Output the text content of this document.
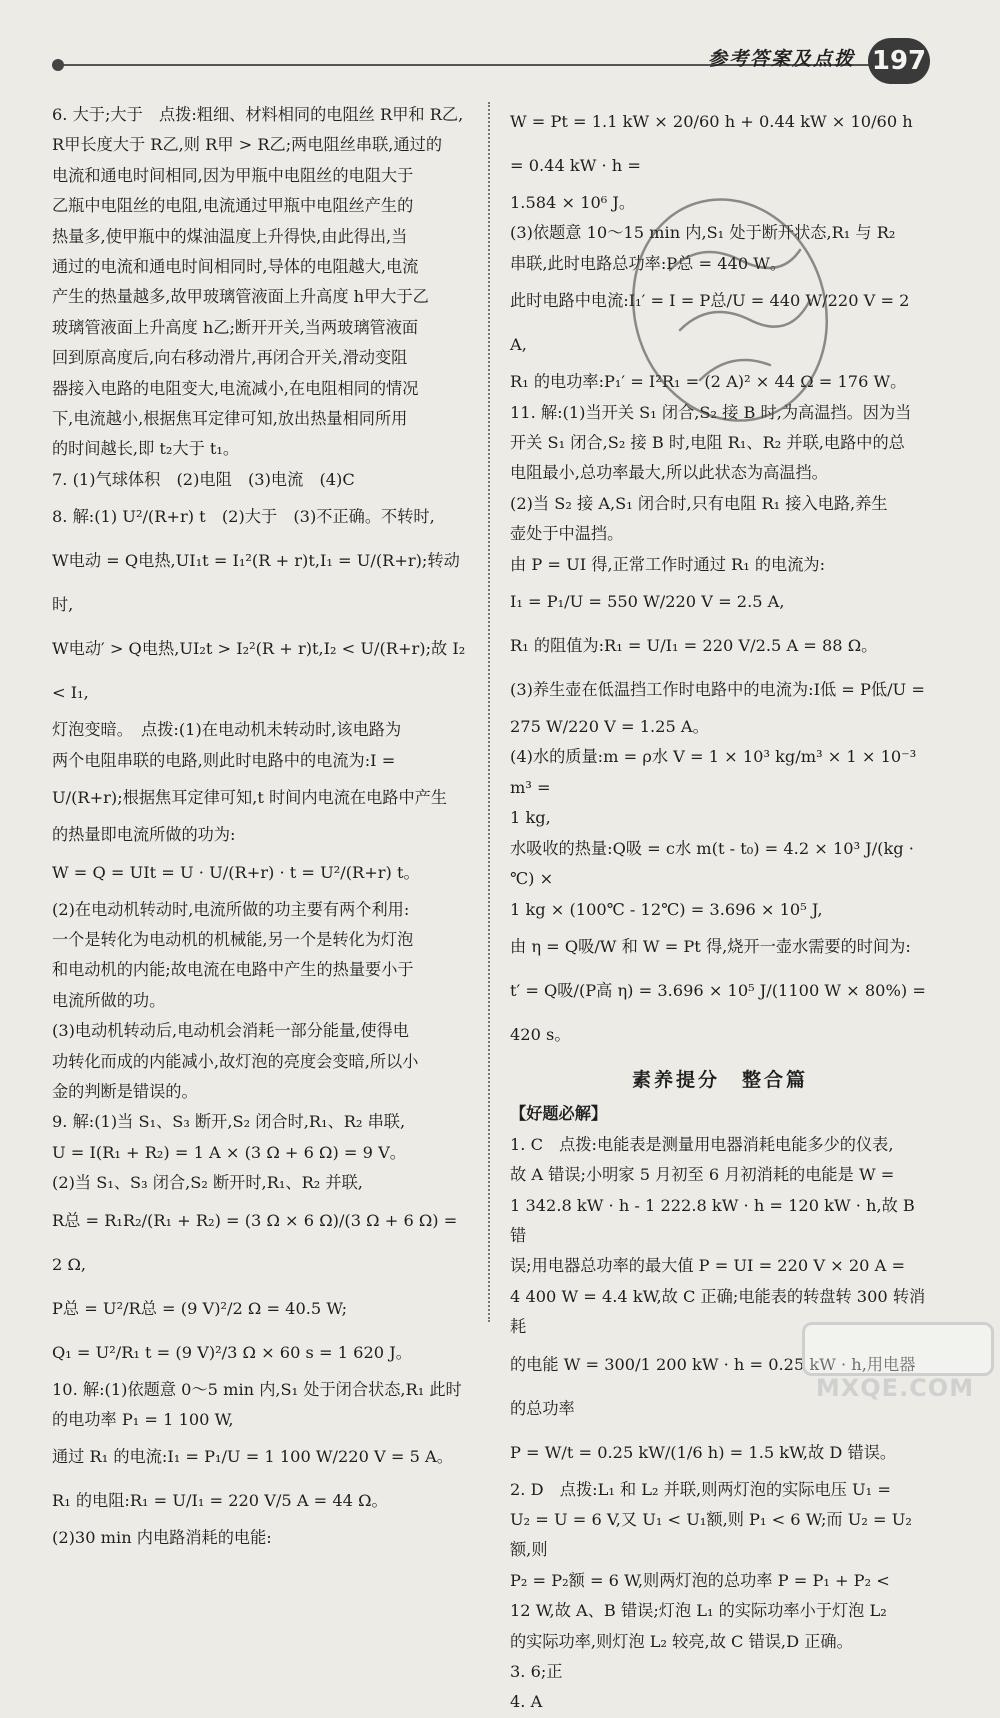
参考答案及点拨 197

6. 大于;大于　点拨:粗细、材料相同的电阻丝 R甲和 R乙,

R甲长度大于 R乙,则 R甲 > R乙;两电阻丝串联,通过的

电流和通电时间相同,因为甲瓶中电阻丝的电阻大于

乙瓶中电阻丝的电阻,电流通过甲瓶中电阻丝产生的

热量多,使甲瓶中的煤油温度上升得快,由此得出,当

通过的电流和通电时间相同时,导体的电阻越大,电流

产生的热量越多,故甲玻璃管液面上升高度 h甲大于乙

玻璃管液面上升高度 h乙;断开开关,当两玻璃管液面

回到原高度后,向右移动滑片,再闭合开关,滑动变阻

器接入电路的电阻变大,电流减小,在电阻相同的情况

下,电流越小,根据焦耳定律可知,放出热量相同所用

的时间越长,即 t₂大于 t₁。

7. (1)气球体积　(2)电阻　(3)电流　(4)C

8. 解:(1) U²/(R+r) t　(2)大于　(3)不正确。不转时,

W电动 = Q电热,UI₁t = I₁²(R + r)t,I₁ = U/(R+r);转动时,

W电动′ > Q电热,UI₂t > I₂²(R + r)t,I₂ < U/(R+r);故 I₂ < I₁,

灯泡变暗。　点拨:(1)在电动机未转动时,该电路为

两个电阻串联的电路,则此时电路中的电流为:I =

U/(R+r);根据焦耳定律可知,t 时间内电流在电路中产生

的热量即电流所做的功为:

W = Q = UIt = U · U/(R+r) · t = U²/(R+r) t。

(2)在电动机转动时,电流所做的功主要有两个利用:

一个是转化为电动机的机械能,另一个是转化为灯泡

和电动机的内能;故电流在电路中产生的热量要小于

电流所做的功。

(3)电动机转动后,电动机会消耗一部分能量,使得电

功转化而成的内能减小,故灯泡的亮度会变暗,所以小

金的判断是错误的。

9. 解:(1)当 S₁、S₃ 断开,S₂ 闭合时,R₁、R₂ 串联,

U = I(R₁ + R₂) = 1 A × (3 Ω + 6 Ω) = 9 V。

(2)当 S₁、S₃ 闭合,S₂ 断开时,R₁、R₂ 并联,

R总 = R₁R₂/(R₁ + R₂) = (3 Ω × 6 Ω)/(3 Ω + 6 Ω) = 2 Ω,

P总 = U²/R总 = (9 V)²/2 Ω = 40.5 W;

Q₁ = U²/R₁ t = (9 V)²/3 Ω × 60 s = 1 620 J。

10. 解:(1)依题意 0～5 min 内,S₁ 处于闭合状态,R₁ 此时

的电功率 P₁ = 1 100 W,

通过 R₁ 的电流:I₁ = P₁/U = 1 100 W/220 V = 5 A。

R₁ 的电阻:R₁ = U/I₁ = 220 V/5 A = 44 Ω。

(2)30 min 内电路消耗的电能:

W = Pt = 1.1 kW × 20/60 h + 0.44 kW × 10/60 h = 0.44 kW · h =

1.584 × 10⁶ J。

(3)依题意 10～15 min 内,S₁ 处于断开状态,R₁ 与 R₂

串联,此时电路总功率:P总 = 440 W。

此时电路中电流:I₁′ = I = P总/U = 440 W/220 V = 2 A,

R₁ 的电功率:P₁′ = I²R₁ = (2 A)² × 44 Ω = 176 W。

11. 解:(1)当开关 S₁ 闭合,S₂ 接 B 时,为高温挡。因为当

开关 S₁ 闭合,S₂ 接 B 时,电阻 R₁、R₂ 并联,电路中的总

电阻最小,总功率最大,所以此状态为高温挡。

(2)当 S₂ 接 A,S₁ 闭合时,只有电阻 R₁ 接入电路,养生

壶处于中温挡。

由 P = UI 得,正常工作时通过 R₁ 的电流为:

I₁ = P₁/U = 550 W/220 V = 2.5 A,

R₁ 的阻值为:R₁ = U/I₁ = 220 V/2.5 A = 88 Ω。

(3)养生壶在低温挡工作时电路中的电流为:I低 = P低/U =

275 W/220 V = 1.25 A。

(4)水的质量:m = ρ水 V = 1 × 10³ kg/m³ × 1 × 10⁻³ m³ =

1 kg,

水吸收的热量:Q吸 = c水 m(t - t₀) = 4.2 × 10³ J/(kg · ℃) ×

1 kg × (100℃ - 12℃) = 3.696 × 10⁵ J,

由 η = Q吸/W 和 W = Pt 得,烧开一壶水需要的时间为:

t′ = Q吸/(P高 η) = 3.696 × 10⁵ J/(1100 W × 80%) = 420 s。

素养提分　整合篇

【好题必解】

1. C　点拨:电能表是测量用电器消耗电能多少的仪表,

故 A 错误;小明家 5 月初至 6 月初消耗的电能是 W =

1 342.8 kW · h - 1 222.8 kW · h = 120 kW · h,故 B 错

误;用电器总功率的最大值 P = UI = 220 V × 20 A =

4 400 W = 4.4 kW,故 C 正确;电能表的转盘转 300 转消耗

的电能 W = 300/1 200 kW · h = 0.25 kW · h,用电器的总功率

P = W/t = 0.25 kW/(1/6 h) = 1.5 kW,故 D 错误。

2. D　点拨:L₁ 和 L₂ 并联,则两灯泡的实际电压 U₁ =

U₂ = U = 6 V,又 U₁ < U₁额,则 P₁ < 6 W;而 U₂ = U₂额,则

P₂ = P₂额 = 6 W,则两灯泡的总功率 P = P₁ + P₂ <

12 W,故 A、B 错误;灯泡 L₁ 的实际功率小于灯泡 L₂

的实际功率,则灯泡 L₂ 较亮,故 C 错误,D 正确。

3. 6;正

4. A

MXQE.COM
